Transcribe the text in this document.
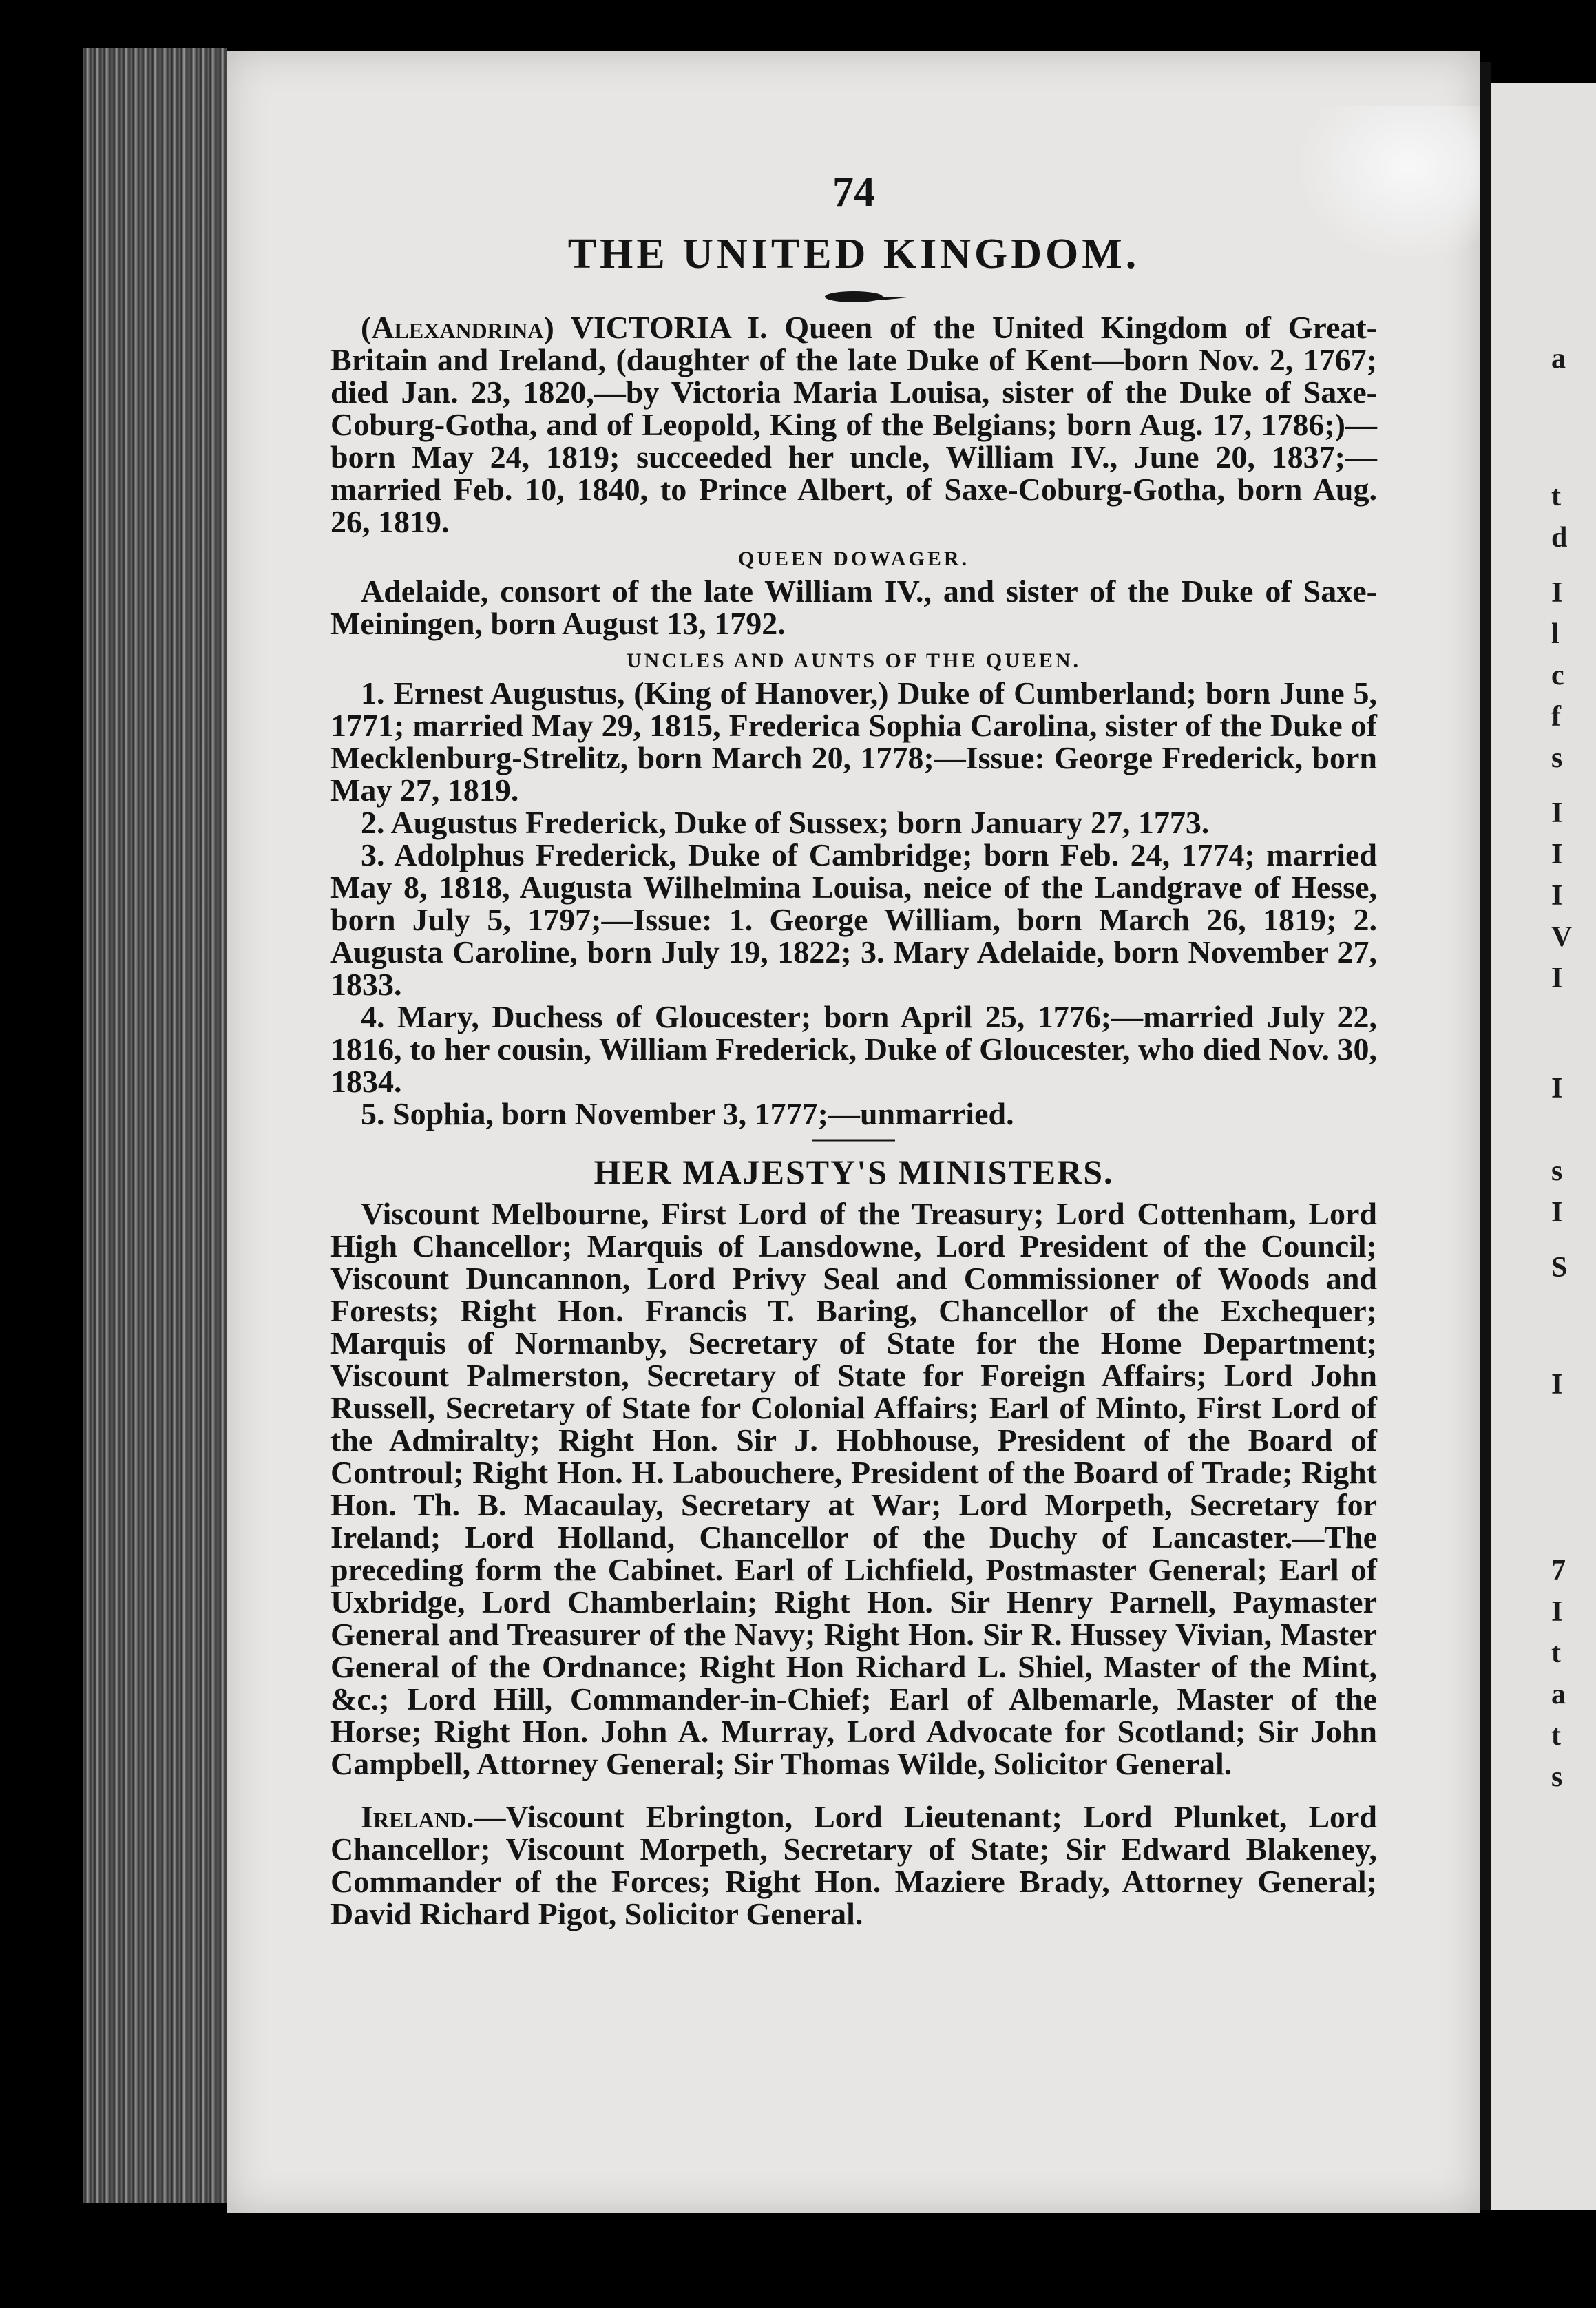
74
THE UNITED KINGDOM.

(Alexandrina) VICTORIA I. Queen of the United Kingdom of Great-Britain and Ireland, (daughter of the late Duke of Kent—born Nov. 2, 1767; died Jan. 23, 1820,—by Victoria Maria Louisa, sister of the Duke of Saxe-Coburg-Gotha, and of Leopold, King of the Belgians; born Aug. 17, 1786;)—born May 24, 1819; succeeded her uncle, William IV., June 20, 1837;—married Feb. 10, 1840, to Prince Albert, of Saxe-Coburg-Gotha, born Aug. 26, 1819.

QUEEN DOWAGER.

Adelaide, consort of the late William IV., and sister of the Duke of Saxe-Meiningen, born August 13, 1792.

UNCLES AND AUNTS OF THE QUEEN.

1. Ernest Augustus, (King of Hanover,) Duke of Cumberland; born June 5, 1771; married May 29, 1815, Frederica Sophia Carolina, sister of the Duke of Mecklenburg-Strelitz, born March 20, 1778;—Issue: George Frederick, born May 27, 1819.

2. Augustus Frederick, Duke of Sussex; born January 27, 1773.

3. Adolphus Frederick, Duke of Cambridge; born Feb. 24, 1774; married May 8, 1818, Augusta Wilhelmina Louisa, neice of the Landgrave of Hesse, born July 5, 1797;—Issue: 1. George William, born March 26, 1819; 2. Augusta Caroline, born July 19, 1822; 3. Mary Adelaide, born November 27, 1833.

4. Mary, Duchess of Gloucester; born April 25, 1776;—married July 22, 1816, to her cousin, William Frederick, Duke of Gloucester, who died Nov. 30, 1834.

5. Sophia, born November 3, 1777;—unmarried.

HER MAJESTY'S MINISTERS.

Viscount Melbourne, First Lord of the Treasury; Lord Cottenham, Lord High Chancellor; Marquis of Lansdowne, Lord President of the Council; Viscount Duncannon, Lord Privy Seal and Commissioner of Woods and Forests; Right Hon. Francis T. Baring, Chancellor of the Exchequer; Marquis of Normanby, Secretary of State for the Home Department; Viscount Palmerston, Secretary of State for Foreign Affairs; Lord John Russell, Secretary of State for Colonial Affairs; Earl of Minto, First Lord of the Admiralty; Right Hon. Sir J. Hobhouse, President of the Board of Controul; Right Hon. H. Labouchere, President of the Board of Trade; Right Hon. Th. B. Macaulay, Secretary at War; Lord Morpeth, Secretary for Ireland; Lord Holland, Chancellor of the Duchy of Lancaster.—The preceding form the Cabinet. Earl of Lichfield, Postmaster General; Earl of Uxbridge, Lord Chamberlain; Right Hon. Sir Henry Parnell, Paymaster General and Treasurer of the Navy; Right Hon. Sir R. Hussey Vivian, Master General of the Ordnance; Right Hon Richard L. Shiel, Master of the Mint, &c.; Lord Hill, Commander-in-Chief; Earl of Albemarle, Master of the Horse; Right Hon. John A. Murray, Lord Advocate for Scotland; Sir John Campbell, Attorney General; Sir Thomas Wilde, Solicitor General.

Ireland.—Viscount Ebrington, Lord Lieutenant; Lord Plunket, Lord Chancellor; Viscount Morpeth, Secretary of State; Sir Edward Blakeney, Commander of the Forces; Right Hon. Maziere Brady, Attorney General; David Richard Pigot, Solicitor General.

a
t
d
I
l
c
f
s
I
I
I
V
I
I
s
I
S
I
7
I
t
a
t
s
